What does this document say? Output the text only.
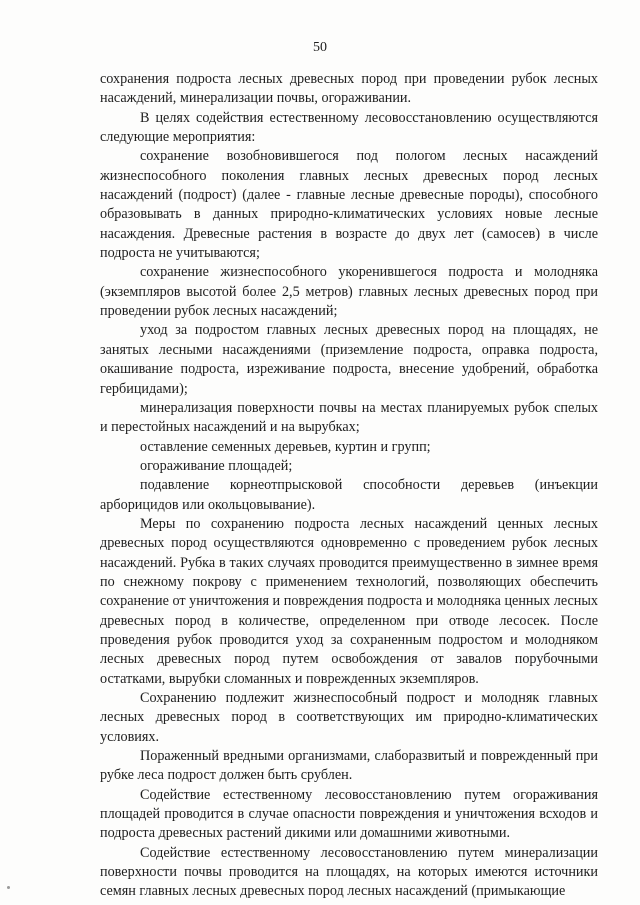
50

сохранения подроста лесных древесных пород при проведении рубок лесных насаждений, минерализации почвы, огораживании.

В целях содействия естественному лесовосстановлению осуществляются следующие мероприятия:

сохранение возобновившегося под пологом лесных насаждений жизнеспособного поколения главных лесных древесных пород лесных насаждений (подрост) (далее - главные лесные древесные породы), способного образовывать в данных природно-климатических условиях новые лесные насаждения. Древесные растения в возрасте до двух лет (самосев) в числе подроста не учитываются;

сохранение жизнеспособного укоренившегося подроста и молодняка (экземпляров высотой более 2,5 метров) главных лесных древесных пород при проведении рубок лесных насаждений;

уход за подростом главных лесных древесных пород на площадях, не занятых лесными насаждениями (приземление подроста, оправка подроста, окашивание подроста, изреживание подроста, внесение удобрений, обработка гербицидами);

минерализация поверхности почвы на местах планируемых рубок спелых и перестойных насаждений и на вырубках;

оставление семенных деревьев, куртин и групп;

огораживание площадей;

подавление корнеотпрысковой способности деревьев (инъекции арборицидов или окольцовывание).

Меры по сохранению подроста лесных насаждений ценных лесных древесных пород осуществляются одновременно с проведением рубок лесных насаждений. Рубка в таких случаях проводится преимущественно в зимнее время по снежному покрову с применением технологий, позволяющих обеспечить сохранение от уничтожения и повреждения подроста и молодняка ценных лесных древесных пород в количестве, определенном при отводе лесосек. После проведения рубок проводится уход за сохраненным подростом и молодняком лесных древесных пород путем освобождения от завалов порубочными остатками, вырубки сломанных и поврежденных экземпляров.

Сохранению подлежит жизнеспособный подрост и молодняк главных лесных древесных пород в соответствующих им природно-климатических условиях.

Пораженный вредными организмами, слаборазвитый и поврежденный при рубке леса подрост должен быть срублен.

Содействие естественному лесовосстановлению путем огораживания площадей проводится в случае опасности повреждения и уничтожения всходов и подроста древесных растений дикими или домашними животными.

Содействие естественному лесовосстановлению путем минерализации поверхности почвы проводится на площадях, на которых имеются источники семян главных лесных древесных пород лесных насаждений (примыкающие
